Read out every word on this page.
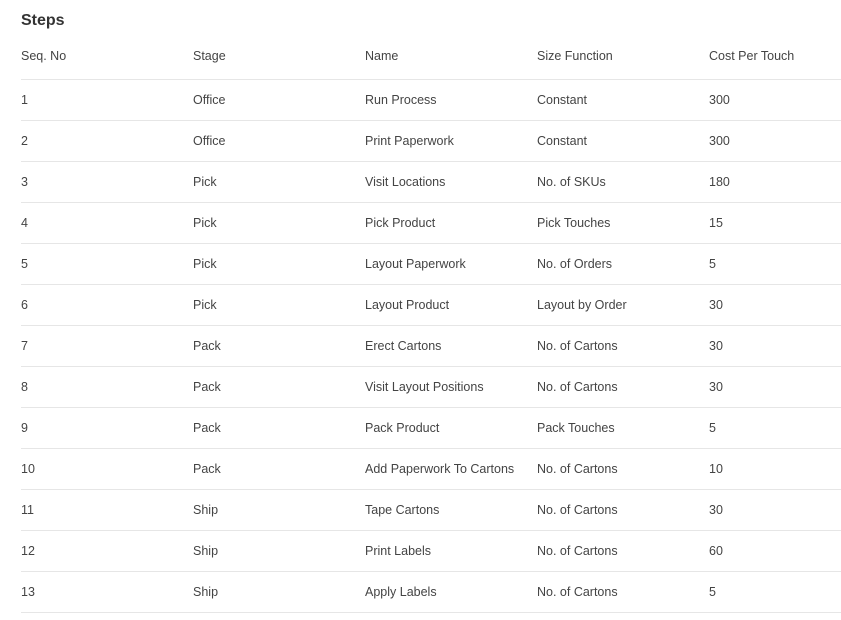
Steps
Seq. No	Stage	Name	Size Function	Cost Per Touch
1	Office	Run Process	Constant	300
2	Office	Print Paperwork	Constant	300
3	Pick	Visit Locations	No. of SKUs	180
4	Pick	Pick Product	Pick Touches	15
5	Pick	Layout Paperwork	No. of Orders	5
6	Pick	Layout Product	Layout by Order	30
7	Pack	Erect Cartons	No. of Cartons	30
8	Pack	Visit Layout Positions	No. of Cartons	30
9	Pack	Pack Product	Pack Touches	5
10	Pack	Add Paperwork To Cartons	No. of Cartons	10
11	Ship	Tape Cartons	No. of Cartons	30
12	Ship	Print Labels	No. of Cartons	60
13	Ship	Apply Labels	No. of Cartons	5
